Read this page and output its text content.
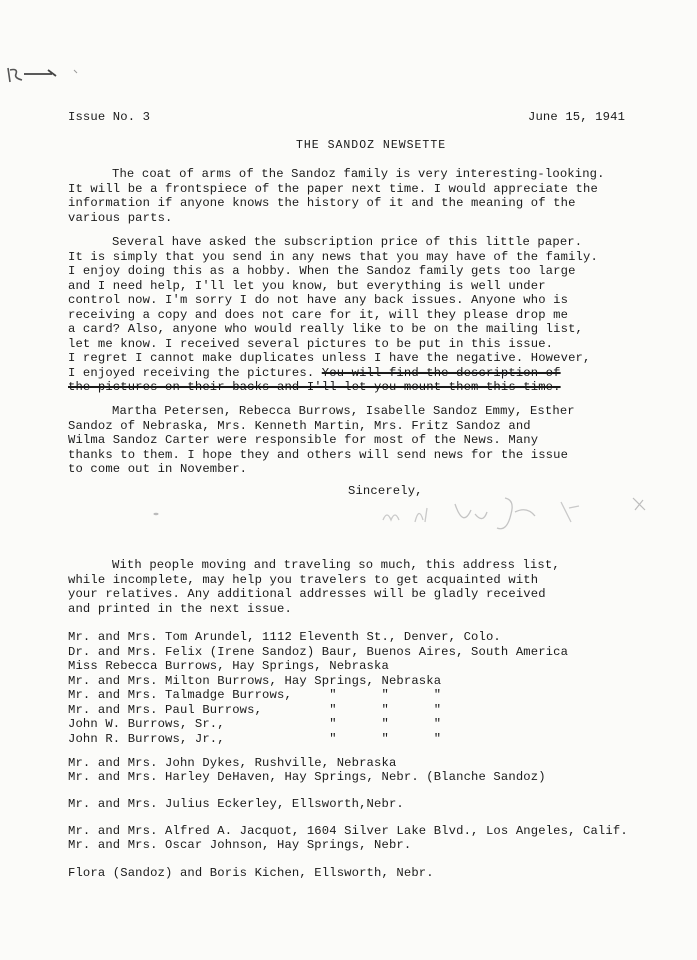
Issue No. 3	June 15, 1941
THE SANDOZ NEWSETTE
The coat of arms of the Sandoz family is very interesting-looking.
It will be a frontspiece of the paper next time. I would appreciate the
information if anyone knows the history of it and the meaning of the
various parts.
Several have asked the subscription price of this little paper.
It is simply that you send in any news that you may have of the family.
I enjoy doing this as a hobby. When the Sandoz family gets too large
and I need help, I'll let you know, but everything is well under
control now. I'm sorry I do not have any back issues. Anyone who is
receiving a copy and does not care for it, will they please drop me
a card? Also, anyone who would really like to be on the mailing list,
let me know. I received several pictures to be put in this issue.
I regret I cannot make duplicates unless I have the negative. However,
I enjoyed receiving the pictures. You will find the description of
the pictures on their backs and I'll let you mount them this time.
Martha Petersen, Rebecca Burrows, Isabelle Sandoz Emmy, Esther
Sandoz of Nebraska, Mrs. Kenneth Martin, Mrs. Fritz Sandoz and
Wilma Sandoz Carter were responsible for most of the News. Many
thanks to them. I hope they and others will send news for the issue
to come out in November.
Sincerely,
With people moving and traveling so much, this address list,
while incomplete, may help you travelers to get acquainted with
your relatives. Any additional addresses will be gladly received
and printed in the next issue.
Mr. and Mrs. Tom Arundel, 1112 Eleventh St., Denver, Colo.
Dr. and Mrs. Felix (Irene Sandoz) Baur, Buenos Aires, South America
Miss Rebecca Burrows, Hay Springs, Nebraska
Mr. and Mrs. Milton Burrows, Hay Springs, Nebraska
Mr. and Mrs. Talmadge Burrows,     "      "      "
Mr. and Mrs. Paul Burrows,         "      "      "
John W. Burrows, Sr.,              "      "      "
John R. Burrows, Jr.,              "      "      "
Mr. and Mrs. John Dykes, Rushville, Nebraska
Mr. and Mrs. Harley DeHaven, Hay Springs, Nebr. (Blanche Sandoz)
Mr. and Mrs. Julius Eckerley, Ellsworth,Nebr.
Mr. and Mrs. Alfred A. Jacquot, 1604 Silver Lake Blvd., Los Angeles, Calif.
Mr. and Mrs. Oscar Johnson, Hay Springs, Nebr.
Flora (Sandoz) and Boris Kichen, Ellsworth, Nebr.
